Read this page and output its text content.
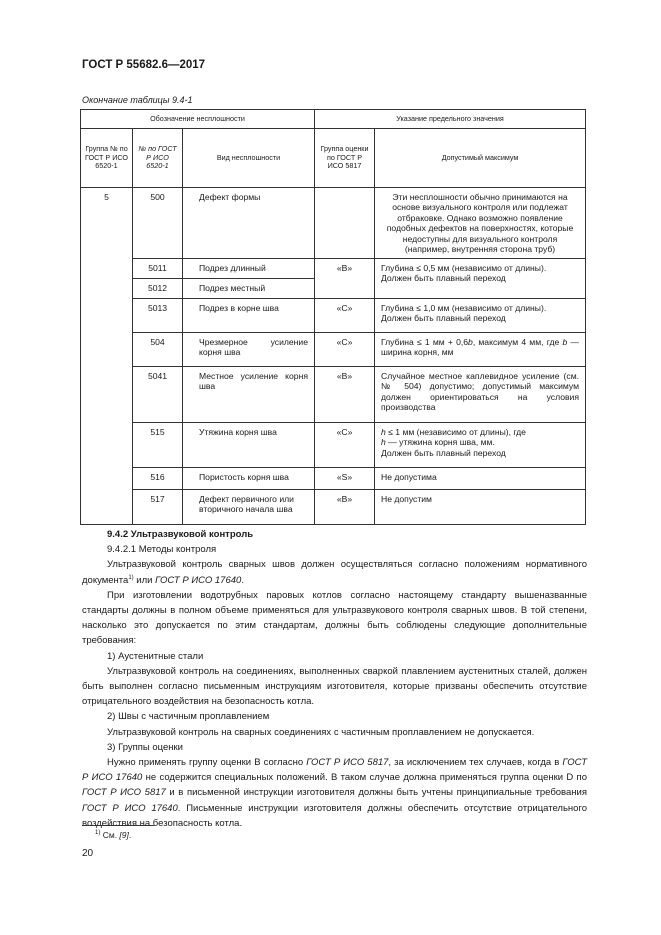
ГОСТ Р 55682.6—2017
Окончание таблицы 9.4-1
Обозначение несплошности			Указание предельного значения	

Группа № по ГОСТ Р ИСО 6520-1	№ по ГОСТ Р ИСО 6520-1	Вид несплошности	Группа оценки по ГОСТ Р ИСО 5817	Допустимый максимум

5	500	Дефект формы		Эти несплошности обычно принимаются на основе визуального контроля или подлежат отбраковке. Однако возможно появление подобных дефектов на поверхностях, которые недоступны для визуального контроля (например, внутренняя сторона труб)

	5011	Подрез длинный	«В»	Глубина ≤ 0,5 мм (независимо от длины). Должен быть плавный переход

	5012	Подрез местный		

	5013	Подрез в корне шва	«С»	Глубина ≤ 1,0 мм (независимо от длины). Должен быть плавный переход

	504	Чрезмерное усиление корня шва	«С»	Глубина ≤ 1 мм + 0,6b, максимум 4 мм, где b — ширина корня, мм

	5041	Местное усиление корня шва	«В»	Случайное местное каплевидное усиление (см. № 504) допустимо; допустимый максимум должен ориентироваться на условия производства

	515	Утяжина корня шва	«С»	h ≤ 1 мм (независимо от длины), где
h — утяжина корня шва, мм.
Должен быть плавный переход

	516	Пористость корня шва	«S»	Не допустима

	517	Дефект первичного или вторичного начала шва	«В»	Не допустим

9.4.2 Ультразвуковой контроль

9.4.2.1 Методы контроля

Ультразвуковой контроль сварных швов должен осуществляться согласно положениям нормативного документа$^{1)}$ или ГОСТ Р ИСО 17640.

При изготовлении водотрубных паровых котлов согласно настоящему стандарту вышеназванные стандарты должны в полном объеме применяться для ультразвукового контроля сварных швов. В той степени, насколько это допускается по этим стандартам, должны быть соблюдены следующие дополнительные требования:

1) Аустенитные стали

Ультразвуковой контроль на соединениях, выполненных сваркой плавлением аустенитных сталей, должен быть выполнен согласно письменным инструкциям изготовителя, которые призваны обеспечить отсутствие отрицательного воздействия на безопасность котла.

2) Швы с частичным проплавлением

Ультразвуковой контроль на сварных соединениях с частичным проплавлением не допускается.

3) Группы оценки

Нужно применять группу оценки В согласно ГОСТ Р ИСО 5817, за исключением тех случаев, когда в ГОСТ Р ИСО 17640 не содержится специальных положений. В таком случае должна применяться группа оценки D по ГОСТ Р ИСО 5817 и в письменной инструкции изготовителя должны быть учтены принципиальные требования ГОСТ Р ИСО 17640. Письменные инструкции изготовителя должны обеспечить отсутствие отрицательного воздействия на безопасность котла.

$^{1)}$ См. [9].
20
